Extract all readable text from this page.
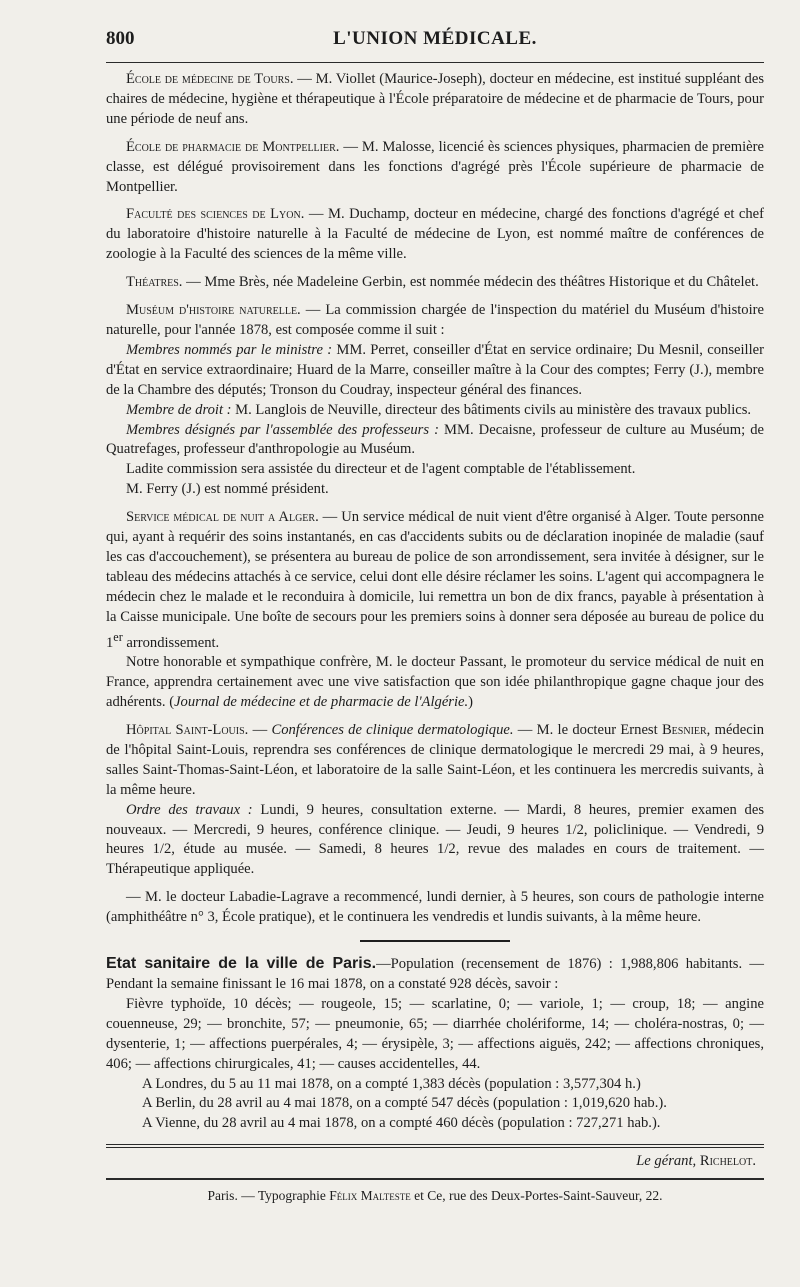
800	L'UNION MÉDICALE.

École de médecine de Tours. — M. Viollet (Maurice-Joseph), docteur en médecine, est institué suppléant des chaires de médecine, hygiène et thérapeutique à l'École préparatoire de médecine et de pharmacie de Tours, pour une période de neuf ans.

École de pharmacie de Montpellier. — M. Malosse, licencié ès sciences physiques, pharmacien de première classe, est délégué provisoirement dans les fonctions d'agrégé près l'École supérieure de pharmacie de Montpellier.

Faculté des sciences de Lyon. — M. Duchamp, docteur en médecine, chargé des fonctions d'agrégé et chef du laboratoire d'histoire naturelle à la Faculté de médecine de Lyon, est nommé maître de conférences de zoologie à la Faculté des sciences de la même ville.

Théatres. — Mme Brès, née Madeleine Gerbin, est nommée médecin des théâtres Historique et du Châtelet.

Muséum d'histoire naturelle. — La commission chargée de l'inspection du matériel du Muséum d'histoire naturelle, pour l'année 1878, est composée comme il suit :

Membres nommés par le ministre : MM. Perret, conseiller d'État en service ordinaire; Du Mesnil, conseiller d'État en service extraordinaire; Huard de la Marre, conseiller maître à la Cour des comptes; Ferry (J.), membre de la Chambre des députés; Tronson du Coudray, inspecteur général des finances.

Membre de droit : M. Langlois de Neuville, directeur des bâtiments civils au ministère des travaux publics.

Membres désignés par l'assemblée des professeurs : MM. Decaisne, professeur de culture au Muséum; de Quatrefages, professeur d'anthropologie au Muséum.

Ladite commission sera assistée du directeur et de l'agent comptable de l'établissement.

M. Ferry (J.) est nommé président.

Service médical de nuit a Alger. — Un service médical de nuit vient d'être organisé à Alger. Toute personne qui, ayant à requérir des soins instantanés, en cas d'accidents subits ou de déclaration inopinée de maladie (sauf les cas d'accouchement), se présentera au bureau de police de son arrondissement, sera invitée à désigner, sur le tableau des médecins attachés à ce service, celui dont elle désire réclamer les soins. L'agent qui accompagnera le médecin chez le malade et le reconduira à domicile, lui remettra un bon de dix francs, payable à présentation à la Caisse municipale. Une boîte de secours pour les premiers soins à donner sera déposée au bureau de police du 1er arrondissement.

Notre honorable et sympathique confrère, M. le docteur Passant, le promoteur du service médical de nuit en France, apprendra certainement avec une vive satisfaction que son idée philanthropique gagne chaque jour des adhérents. (Journal de médecine et de pharmacie de l'Algérie.)

Hôpital Saint-Louis. — Conférences de clinique dermatologique. — M. le docteur Ernest Besnier, médecin de l'hôpital Saint-Louis, reprendra ses conférences de clinique dermatologique le mercredi 29 mai, à 9 heures, salles Saint-Thomas-Saint-Léon, et laboratoire de la salle Saint-Léon, et les continuera les mercredis suivants, à la même heure.

Ordre des travaux : Lundi, 9 heures, consultation externe. — Mardi, 8 heures, premier examen des nouveaux. — Mercredi, 9 heures, conférence clinique. — Jeudi, 9 heures 1/2, policlinique. — Vendredi, 9 heures 1/2, étude au musée. — Samedi, 8 heures 1/2, revue des malades en cours de traitement. — Thérapeutique appliquée.

— M. le docteur Labadie-Lagrave a recommencé, lundi dernier, à 5 heures, son cours de pathologie interne (amphithéâtre n° 3, École pratique), et le continuera les vendredis et lundis suivants, à la même heure.

Etat sanitaire de la ville de Paris.—Population (recensement de 1876) : 1,988,806 habitants. — Pendant la semaine finissant le 16 mai 1878, on a constaté 928 décès, savoir :

Fièvre typhoïde, 10 décès; — rougeole, 15; — scarlatine, 0; — variole, 1; — croup, 18; — angine couenneuse, 29; — bronchite, 57; — pneumonie, 65; — diarrhée cholériforme, 14; — choléra-nostras, 0; — dysenterie, 1; — affections puerpérales, 4; — érysipèle, 3; — affections aiguës, 242; — affections chroniques, 406; — affections chirurgicales, 41; — causes accidentelles, 44.

A Londres, du 5 au 11 mai 1878, on a compté 1,383 décès (population : 3,577,304 h.)

A Berlin, du 28 avril au 4 mai 1878, on a compté 547 décès (population : 1,019,620 hab.).

A Vienne, du 28 avril au 4 mai 1878, on a compté 460 décès (population : 727,271 hab.).

Le gérant, Richelot.
Paris. — Typographie Félix Malteste et Ce, rue des Deux-Portes-Saint-Sauveur, 22.
